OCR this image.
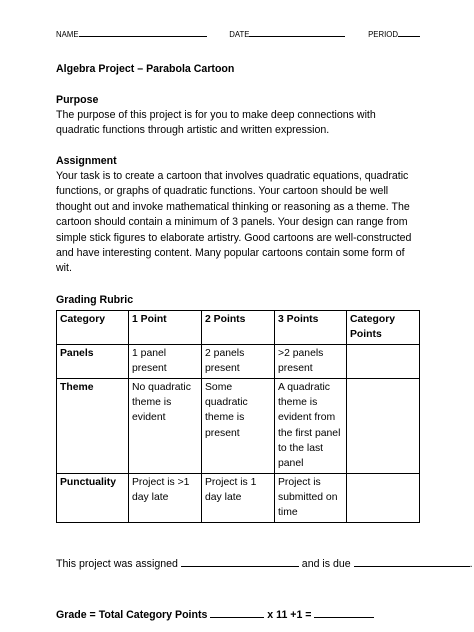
NAME	DATE	PERIOD
Algebra Project – Parabola Cartoon
Purpose

The purpose of this project is for you to make deep connections with quadratic functions through artistic and written expression.

Assignment

Your task is to create a cartoon that involves quadratic equations, quadratic functions, or graphs of quadratic functions. Your cartoon should be well thought out and invoke mathematical thinking or reasoning as a theme. The cartoon should contain a minimum of 3 panels. Your design can range from simple stick figures to elaborate artistry. Good cartoons are well-constructed and have interesting content. Many popular cartoons contain some form of wit.

Grading Rubric
Category	1 Point	2 Points	3 Points	Category Points
Panels	1 panel present	2 panels present	>2 panels present	
Theme	No quadratic theme is evident	Some quadratic theme is present	A quadratic theme is evident from the first panel to the last panel	
Punctuality	Project is >1 day late	Project is 1 day late	Project is submitted on time	
This project was assigned	and is due	.
Grade = Total Category Points	x 11 +1 =
